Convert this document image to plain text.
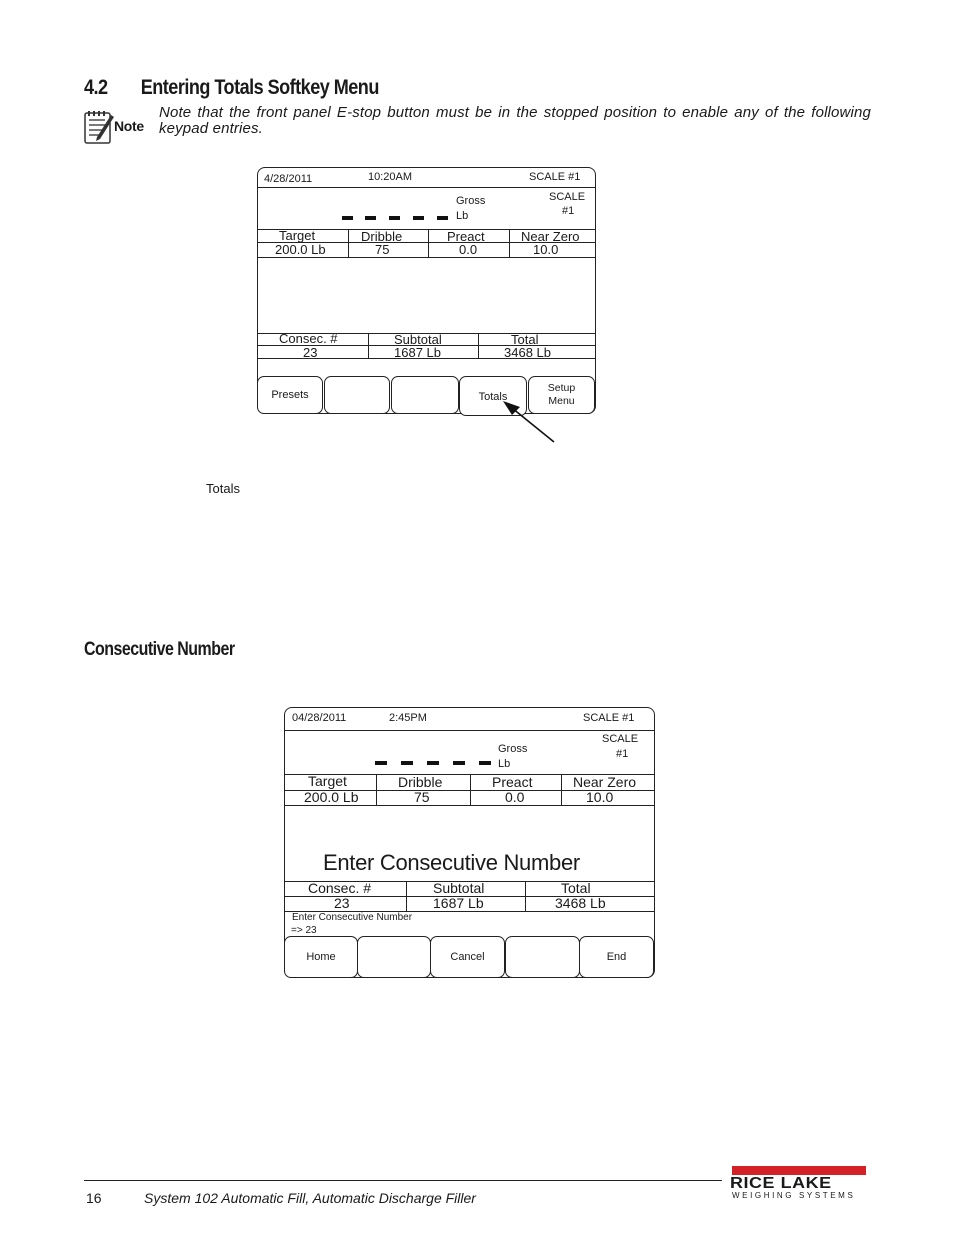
4.2 Entering Totals Softkey Menu
Note
Note that the front panel E-stop button must be in the stopped position to enable any of the following keypad entries.
4/28/2011	10:20AM	SCALE #1
Gross
Lb
SCALE
#1
Target	Dribble	Preact	Near Zero
200.0 Lb	75	0.0	10.0
Consec. #	Subtotal	Total
23	1687 Lb	3468 Lb
Presets	Totals
Setup
Menu
Totals
Consecutive Number
04/28/2011	2:45PM	SCALE #1
Gross
Lb
SCALE
#1
Target	Dribble	Preact	Near Zero
200.0 Lb	75	0.0	10.0
Enter Consecutive Number
Consec. #	Subtotal	Total
23	1687 Lb	3468 Lb
Enter Consecutive Number
=> 23
Home	Cancel	End
16	System 102 Automatic Fill, Automatic Discharge Filler
RICE LAKE
WEIGHING SYSTEMS
